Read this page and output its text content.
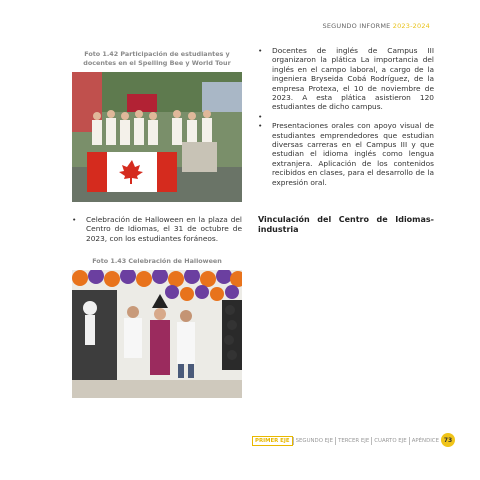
SEGUNDO INFORME 2023-2024
Foto 1.42 Participación de estudiantes y docentes en el Spelling Bee y World Tour
• Celebración de Halloween en la plaza del Centro de Idiomas, el 31 de octubre de 2023, con los estudiantes foráneos.
Foto 1.43 Celebración de Halloween
• Docentes de inglés de Campus III organizaron la plática La importancia del inglés en el campo laboral, a cargo de la ingeniera Bryseida Cobá Rodríguez, de la empresa Protexa, el 10 de noviembre de 2023. A esta plática asistieron 120 estudiantes de dicho campus.
•
• Presentaciones orales con apoyo visual de estudiantes emprendedores que estudian diversas carreras en el Campus III y que estudian el idioma inglés como lengua extranjera. Aplicación de los contenidos recibidos en clases, para el desarrollo de la expresión oral.
Vinculación del Centro de Idiomas-industria
PRIMER EJE	SEGUNDO EJE TERCER EJE CUARTO EJE APÉNDICE 73
